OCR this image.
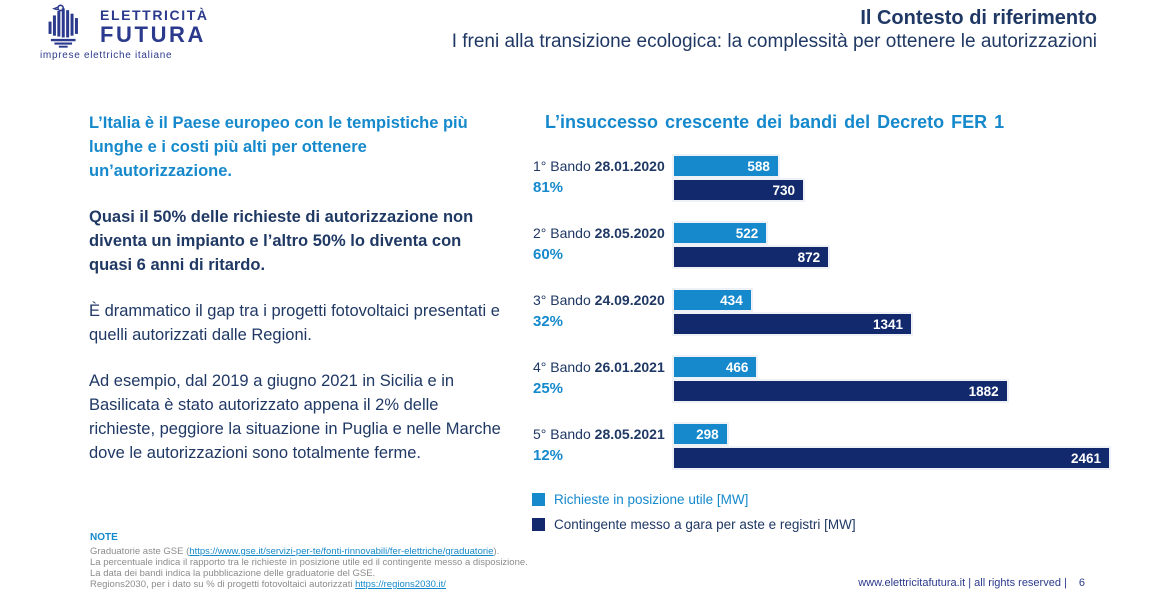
ELETTRICITÀ
FUTURA
imprese elettriche italiane
Il Contesto di riferimento
I freni alla transizione ecologica: la complessità per ottenere le autorizzazioni

L’Italia è il Paese europeo con le tempistiche più lunghe e i costi più alti per ottenere un’autorizzazione.

Quasi il 50% delle richieste di autorizzazione non diventa un impianto e l’altro 50% lo diventa con quasi 6 anni di ritardo.

È drammatico il gap tra i progetti fotovoltaici presentati e quelli autorizzati dalle Regioni.

Ad esempio, dal 2019 a giugno 2021 in Sicilia e in Basilicata è stato autorizzato appena il 2% delle richieste, peggiore la situazione in Puglia e nelle Marche dove le autorizzazioni sono totalmente ferme.

L’insuccesso crescente dei bandi del Decreto FER 1
1° Bando 28.01.2020
81%
588
730
2° Bando 28.05.2020
60%
522
872
3° Bando 24.09.2020
32%
434
1341
4° Bando 26.01.2021
25%
466
1882
5° Bando 28.05.2021
12%
298
2461
Richieste in posizione utile [MW]
Contingente messo a gara per aste e registri [MW]
NOTE
Graduatorie aste GSE (https://www.gse.it/servizi-per-te/fonti-rinnovabili/fer-elettriche/graduatorie).
La percentuale indica il rapporto tra le richieste in posizione utile ed il contingente messo a disposizione.
La data dei bandi indica la pubblicazione delle graduatorie del GSE.
Regions2030, per i dato su % di progetti fotovoltaici autorizzati https://regions2030.it/	www.elettricitafutura.it | all rights reserved | 6
